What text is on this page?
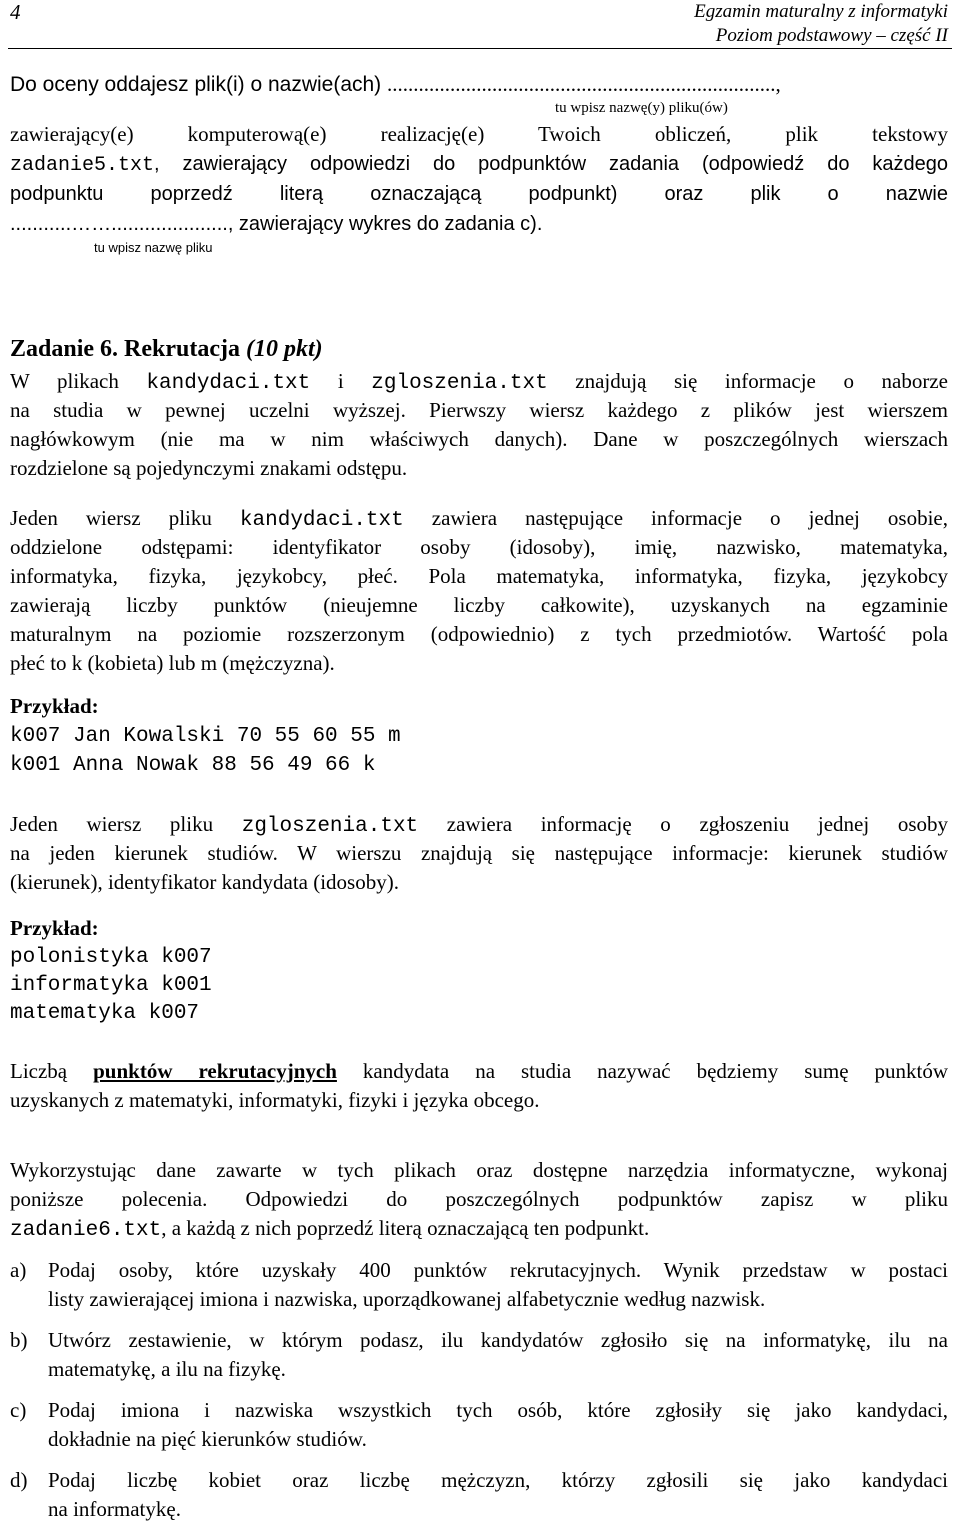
4	Egzamin maturalny z informatyki
Poziom podstawowy – część II
Do oceny oddajesz plik(i) o nazwie(ach) ..........................................................................,
tu wpisz nazwę(y) pliku(ów)
zawierający(e) komputerową(e) realizację(e) Twoich obliczeń, plik tekstowy
zadanie5.txt, zawierający odpowiedzi do podpunktów zadania (odpowiedź do każdego
podpunktu poprzedź literą oznaczającą podpunkt) oraz plik o nazwie
...........……....................., zawierający wykres do zadania c).
tu wpisz nazwę pliku
Zadanie 6. Rekrutacja (10 pkt)
W plikach kandydaci.txt i zgloszenia.txt znajdują się informacje o naborze
na studia w pewnej uczelni wyższej. Pierwszy wiersz każdego z plików jest wierszem
nagłówkowym (nie ma w nim właściwych danych). Dane w poszczególnych wierszach
rozdzielone są pojedynczymi znakami odstępu.
Jeden wiersz pliku kandydaci.txt zawiera następujące informacje o jednej osobie,
oddzielone odstępami: identyfikator osoby (idosoby), imię, nazwisko, matematyka,
informatyka, fizyka, językobcy, płeć. Pola matematyka, informatyka, fizyka, językobcy
zawierają liczby punktów (nieujemne liczby całkowite), uzyskanych na egzaminie
maturalnym na poziomie rozszerzonym (odpowiednio) z tych przedmiotów. Wartość pola
płeć to k (kobieta) lub m (mężczyzna).
Przykład:
k007 Jan Kowalski 70 55 60 55 m
k001 Anna Nowak 88 56 49 66 k
Jeden wiersz pliku zgloszenia.txt zawiera informację o zgłoszeniu jednej osoby
na jeden kierunek studiów. W wierszu znajdują się następujące informacje: kierunek studiów
(kierunek), identyfikator kandydata (idosoby).
Przykład:
polonistyka k007
informatyka k001
matematyka k007
Liczbą punktów rekrutacyjnych kandydata na studia nazywać będziemy sumę punktów
uzyskanych z matematyki, informatyki, fizyki i języka obcego.
Wykorzystując dane zawarte w tych plikach oraz dostępne narzędzia informatyczne, wykonaj
poniższe polecenia. Odpowiedzi do poszczególnych podpunktów zapisz w pliku
zadanie6.txt, a każdą z nich poprzedź literą oznaczającą ten podpunkt.
a) Podaj osoby, które uzyskały 400 punktów rekrutacyjnych. Wynik przedstaw w postaci
listy zawierającej imiona i nazwiska, uporządkowanej alfabetycznie według nazwisk.
b) Utwórz zestawienie, w którym podasz, ilu kandydatów zgłosiło się na informatykę, ilu na
matematykę, a ilu na fizykę.
c) Podaj imiona i nazwiska wszystkich tych osób, które zgłosiły się jako kandydaci,
dokładnie na pięć kierunków studiów.
d) Podaj liczbę kobiet oraz liczbę mężczyzn, którzy zgłosili się jako kandydaci
na informatykę.
